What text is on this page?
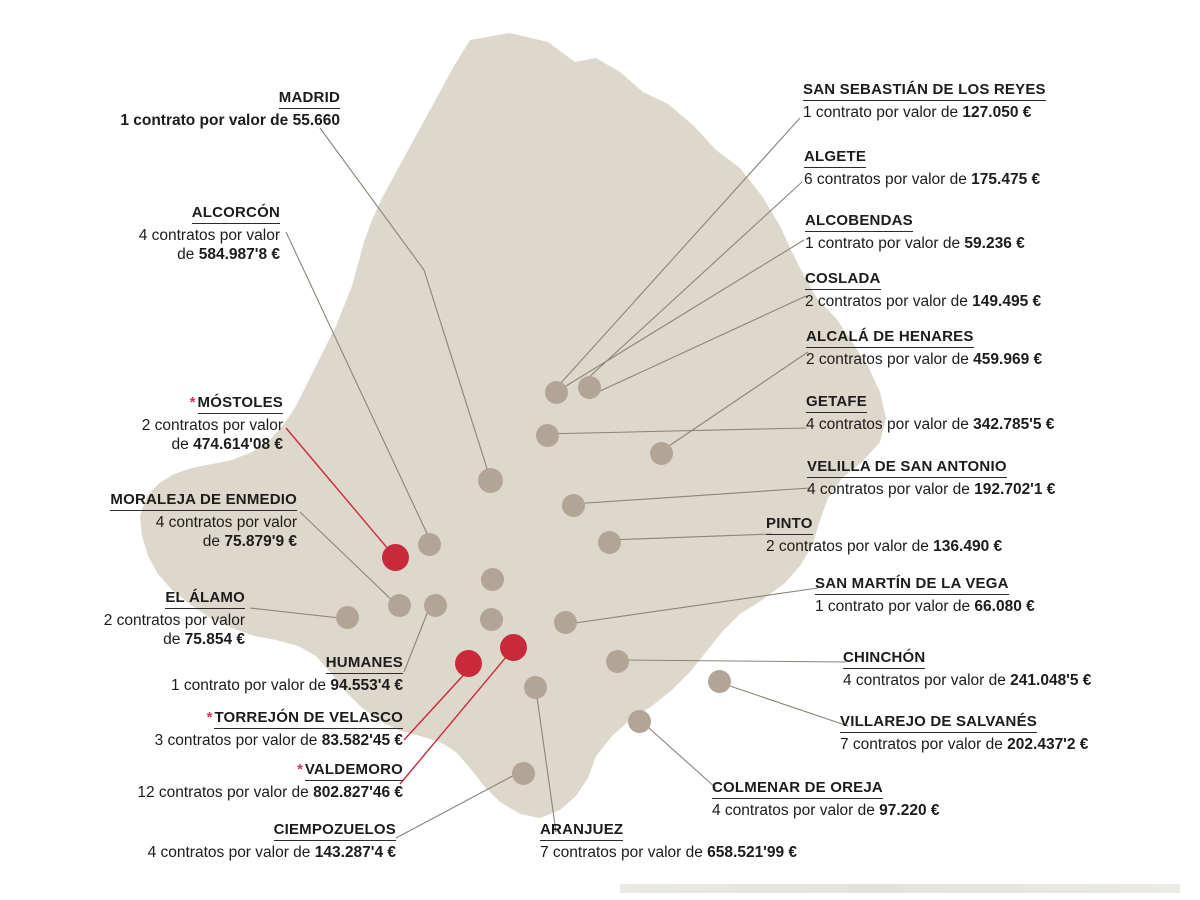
MADRID
1 contrato por valor de 55.660
ALCORCÓN
4 contratos por valor
de 584.987'8 €
* MÓSTOLES
2 contratos por valor
de 474.614'08 €
MORALEJA DE ENMEDIO
4 contratos por valor
de 75.879'9 €
EL ÁLAMO
2 contratos por valor
de 75.854 €
HUMANES
1 contrato por valor de 94.553'4 €
* TORREJÓN DE VELASCO
3 contratos por valor de 83.582'45 €
* VALDEMORO
12 contratos por valor de 802.827'46 €
CIEMPOZUELOS
4 contratos por valor de 143.287'4 €
ARANJUEZ
7 contratos por valor de 658.521'99 €
COLMENAR DE OREJA
4 contratos por valor de 97.220 €
VILLAREJO DE SALVANÉS
7 contratos por valor de 202.437'2 €
CHINCHÓN
4 contratos por valor de 241.048'5 €
SAN MARTÍN DE LA VEGA
1 contrato por valor de 66.080 €
PINTO
2 contratos por valor de 136.490 €
VELILLA DE SAN ANTONIO
4 contratos por valor de 192.702'1 €
GETAFE
4 contratos por valor de 342.785'5 €
ALCALÁ DE HENARES
2 contratos por valor de 459.969 €
COSLADA
2 contratos por valor de 149.495 €
ALCOBENDAS
1 contrato por valor de 59.236 €
ALGETE
6 contratos por valor de 175.475 €
SAN SEBASTIÁN DE LOS REYES
1 contrato por valor de 127.050 €
